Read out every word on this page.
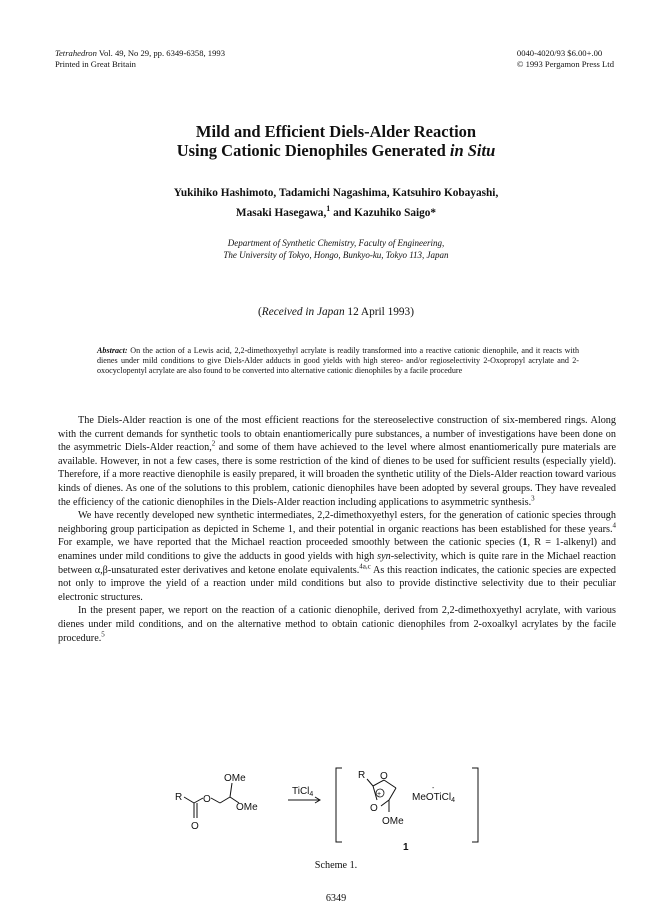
Tetrahedron Vol. 49, No 29, pp. 6349-6358, 1993
Printed in Great Britain
0040-4020/93 $6.00+.00
© 1993 Pergamon Press Ltd
Mild and Efficient Diels-Alder Reaction
Using Cationic Dienophiles Generated in Situ
Yukihiko Hashimoto, Tadamichi Nagashima, Katsuhiro Kobayashi,
Masaki Hasegawa,$^1$ and Kazuhiko Saigo*
Department of Synthetic Chemistry, Faculty of Engineering,
The University of Tokyo, Hongo, Bunkyo-ku, Tokyo 113, Japan
(Received in Japan 12 April 1993)
Abstract: On the action of a Lewis acid, 2,2-dimethoxyethyl acrylate is readily transformed into a reactive cationic dienophile, and it reacts with dienes under mild conditions to give Diels-Alder adducts in good yields with high stereo- and/or regioselectivity 2-Oxopropyl acrylate and 2-oxocyclopentyl acrylate are also found to be converted into alternative cationic dienophiles by a facile procedure

The Diels-Alder reaction is one of the most efficient reactions for the stereoselective construction of six-membered rings. Along with the current demands for synthetic tools to obtain enantiomerically pure substances, a number of investigations have been done on the asymmetric Diels-Alder reaction,$^2$ and some of them have achieved to the level where almost enantiomerically pure materials are available. However, in not a few cases, there is some restriction of the kind of dienes to be used for sufficient results (especially yield). Therefore, if a more reactive dienophile is easily prepared, it will broaden the synthetic utility of the Diels-Alder reaction toward various kinds of dienes. As one of the solutions to this problem, cationic dienophiles have been adopted by several groups. They have revealed the efficiency of the cationic dienophiles in the Diels-Alder reaction including applications to asymmetric synthesis.$^3$

We have recently developed new synthetic intermediates, 2,2-dimethoxyethyl esters, for the generation of cationic species through neighboring group participation as depicted in Scheme 1, and their potential in organic reactions has been established for these years.$^4$ For example, we have reported that the Michael reaction proceeded smoothly between the cationic species (1, R = 1-alkenyl) and enamines under mild conditions to give the adducts in good yields with high syn-selectivity, which is quite rare in the Michael reaction between α,β-unsaturated ester derivatives and ketone enolate equivalents.$^{4a,c}$ As this reaction indicates, the cationic species are expected not only to improve the yield of a reaction under mild conditions but also to provide distinctive selectivity due to their peculiar electronic structures.

In the present paper, we report on the reaction of a cationic dienophile, derived from 2,2-dimethoxyethyl acrylate, with various dienes under mild conditions, and on the alternative method to obtain cationic dienophiles from 2-oxoalkyl acrylates by the facile procedure.$^5$

R O
O
OMe
OMe
TiCl$_4$
R O
O
OMe
MeOTiCl$_4$
1
+
-
Scheme 1.
6349
